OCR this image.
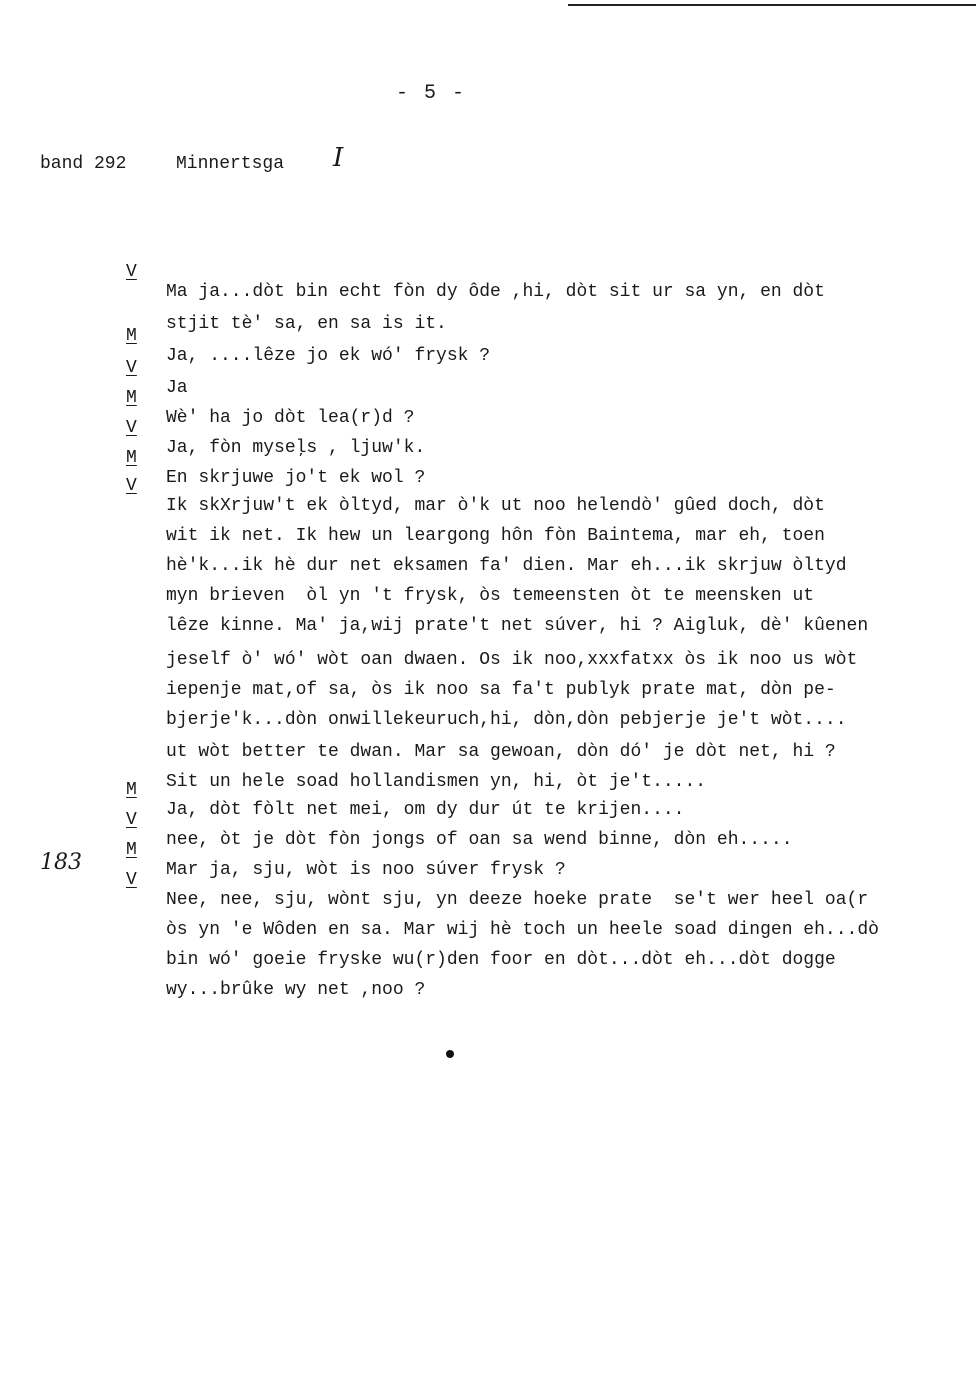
- 5 -
band 292	Minnertsga I
183

V

Ma ja...dòt bin echt fòn dy ôde ,hi, dòt sit ur sa yn, en dòt

stjit tè' sa, en sa is it.

M

Ja, ....lêze jo ek wó' frysk ?

V

Ja

M

Wè' ha jo dòt lea(r)d ?

V

Ja, fòn myseļs , ljuw'k.

M

En skrjuwe jo't ek wol ?

V

Ik skXrjuw't ek òltyd, mar ò'k ut noo helendò' gûed doch, dòt

wit ik net. Ik hew un leargong hôn fòn Baintema, mar eh, toen

hè'k...ik hè dur net eksamen fa' dien. Mar eh...ik skrjuw òltyd

myn brieven  òl yn 't frysk, òs temeensten òt te meensken ut

lêze kinne. Ma' ja,wij prate't net súver, hi ? Aigluk, dè' kûenen

jeself ò' wó' wòt oan dwaen. Os ik noo,xxxfatxx òs ik noo us wòt

iepenje mat,of sa, òs ik noo sa fa't publyk prate mat, dòn pe-

bjerje'k...dòn onwillekeuruch,hi, dòn,dòn pebjerje je't wòt....

ut wòt better te dwan. Mar sa gewoan, dòn dó' je dòt net, hi ?

Sit un hele soad hollandismen yn, hi, òt je't.....

M

Ja, dòt fòlt net mei, om dy dur út te krijen....

V

nee, òt je dòt fòn jongs of oan sa wend binne, dòn eh.....

M

Mar ja, sju, wòt is noo súver frysk ?

V

Nee, nee, sju, wònt sju, yn deeze hoeke prate  se't wer heel oa(r

òs yn 'e Wôden en sa. Mar wij hè toch un heele soad dingen eh...dò

bin wó' goeie fryske wu(r)den foor en dòt...dòt eh...dòt dogge

wy...brûke wy net ,noo ?
